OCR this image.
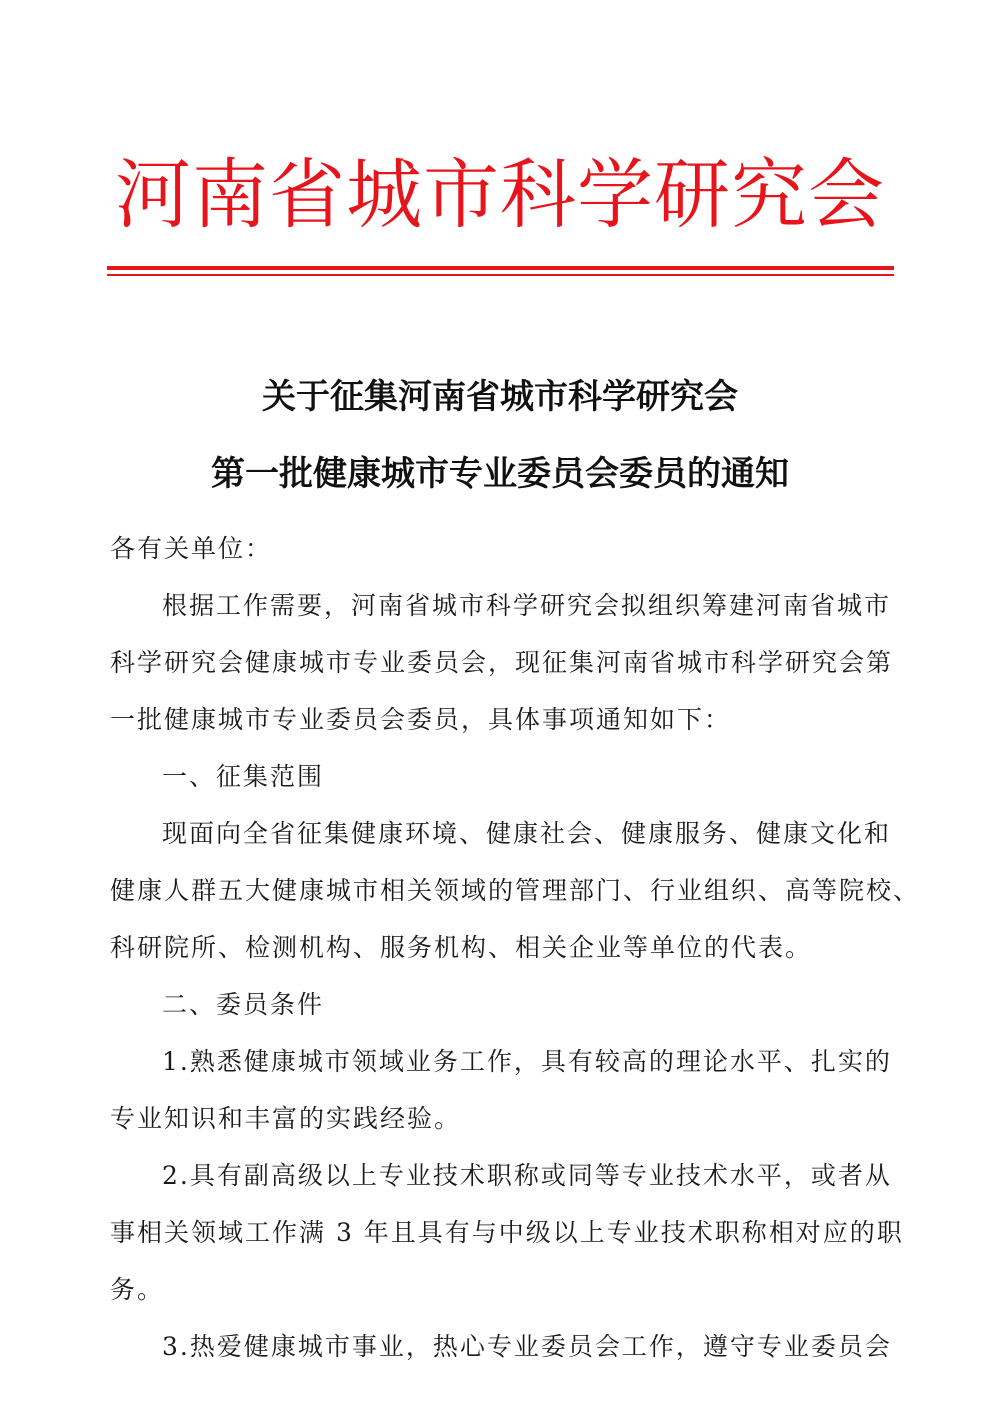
河南省城市科学研究会
关于征集河南省城市科学研究会
第一批健康城市专业委员会委员的通知
各有关单位：
根据工作需要，河南省城市科学研究会拟组织筹建河南省城市
科学研究会健康城市专业委员会，现征集河南省城市科学研究会第
一批健康城市专业委员会委员，具体事项通知如下：
一、征集范围
现面向全省征集健康环境、健康社会、健康服务、健康文化和
健康人群五大健康城市相关领域的管理部门、行业组织、高等院校、
科研院所、检测机构、服务机构、相关企业等单位的代表。
二、委员条件
1.熟悉健康城市领域业务工作，具有较高的理论水平、扎实的
专业知识和丰富的实践经验。
2.具有副高级以上专业技术职称或同等专业技术水平，或者从
事相关领域工作满 3 年且具有与中级以上专业技术职称相对应的职
务。
3.热爱健康城市事业，热心专业委员会工作，遵守专业委员会
